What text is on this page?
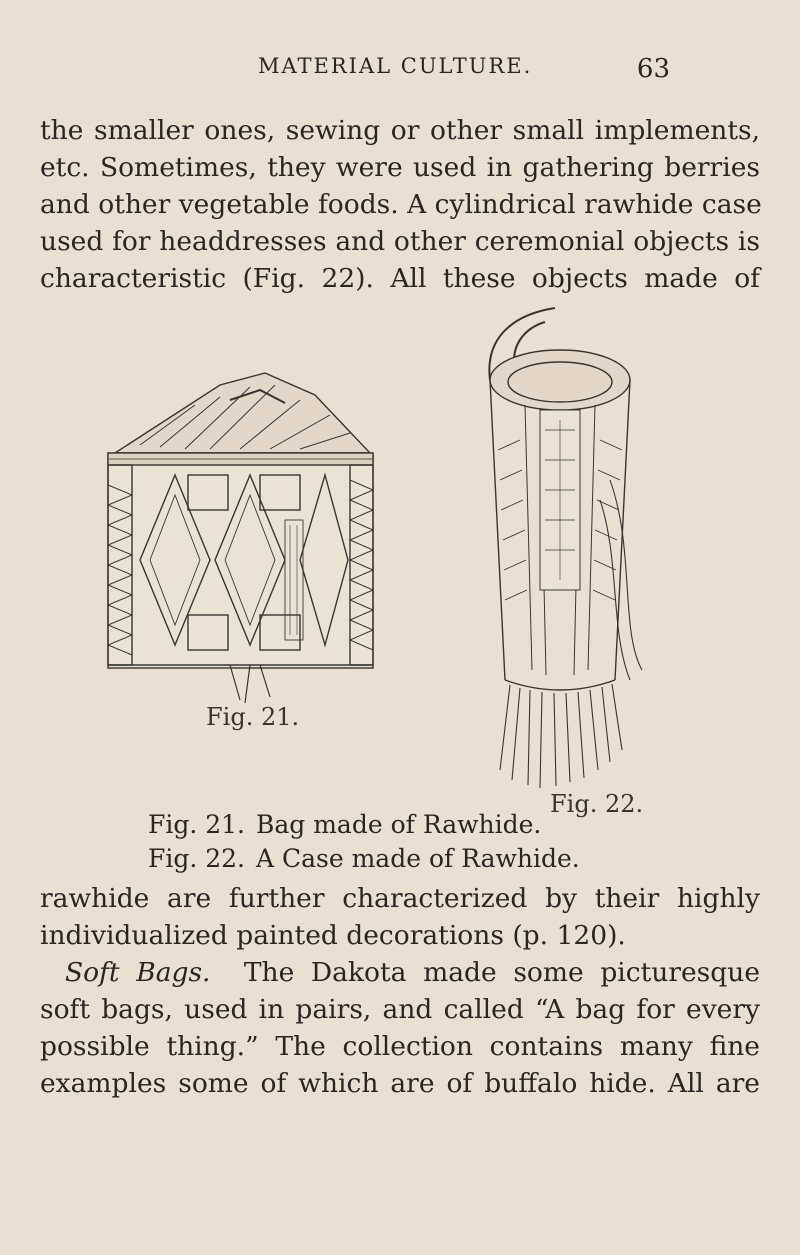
MATERIAL CULTURE.	63
the smaller ones, sewing or other small implements,
etc. Sometimes, they were used in gathering berries
and other vegetable foods. A cylindrical rawhide case
used for headdresses and other ceremonial objects is
characteristic (Fig. 22). All these objects made of
Fig. 21.
Fig. 22.
Fig. 21. Bag made of Rawhide.
Fig. 22. A Case made of Rawhide.
rawhide are further characterized by their highly
individualized painted decorations (p. 120).
Soft Bags. The Dakota made some picturesque
soft bags, used in pairs, and called “A bag for every
possible thing.” The collection contains many fine
examples some of which are of buffalo hide. All are
